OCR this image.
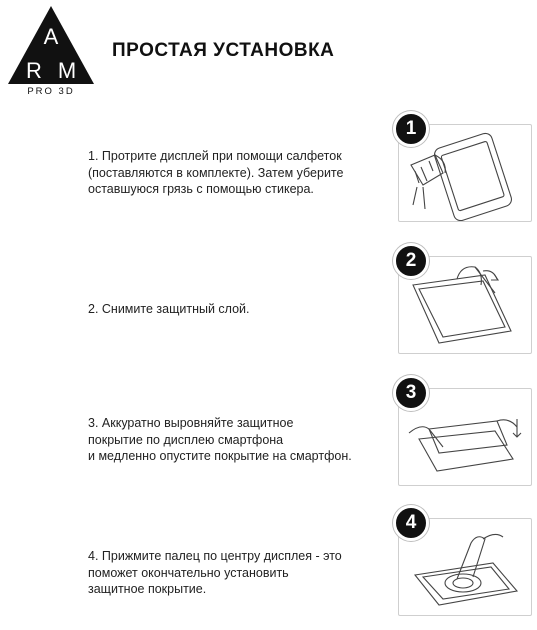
A
R M
PRO 3D
ПРОСТАЯ УСТАНОВКА
1. Протрите дисплей при помощи салфеток
(поставляются в комплекте). Затем уберите
оставшуюся грязь с помощью стикера.
1
2. Снимите защитный слой.
2
3. Аккуратно выровняйте защитное
покрытие по дисплею смартфона
и медленно опустите покрытие на смартфон.
3
4. Прижмите палец по центру дисплея - это
поможет окончательно установить
защитное покрытие.
4
